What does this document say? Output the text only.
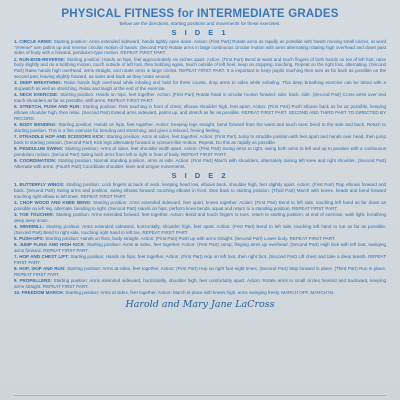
PHYSICAL FITNESS for INTERMEDIATE GRADES
Below are the directions, starting positions and movements for these exercises.
S I D E 1
1. CIRCLE ARMS: Starting position: Arms extended sideward, hands tightly open down. Action: (First Part) Rotate arms as rapidly as possible with hands moving small circles, at word "reverse" turn palms up and reverse circular motion of hands. (Second Part) Rotate arms in large continuous circular motion with arms alternating rotating high overhead and down past sides of body with a forward, pendulum-type motion. REPEAT FIRST PART.
2. RUN-BOB-REVERSE: Starting position: Hands on hips, feet approximately six inches apart. Action: (First Part) Bend at waist and touch fingers of both hands on toe of left foot, raise body slightly and do a bobbing motion, touch outside of left foot, then bobbing again, touch outside of left heel, keep on stopping, touching. Repeat on the right foot, alternating. (Second Part) Raise hands high overhead, arms straight, and rotate arms in large circles. REPEAT FIRST PART. It is important to keep pupils touching their toes as far back as possible on the second part, leaving slightly forward, as sides and back as they rotate around.
3. DEEP BREATHING: Raise hands high overhead while inhaling and hold for three counts, drop arms to sides while exhaling. This deep breathing exercise can be timed with a stopwatch as well as stretching. Relax and laugh at the end of the exercise.
4. NECK EXERCISE: Starting position: Hands on hips, feet together. Action: (First Part) Rotate head in circular motion forward, side, back, side. (Second Part) Cross arms over and touch shoulders as far as possible, shift arms. REPEAT FIRST PART.
5. STRETCH, PUSH AND RUN: Starting position: Fists touching in front of chest, elbows shoulder high, feet apart. Action: (First Part) Push elbows back as far as possible, keeping elbows shoulder high, then relax. (Second Part) Extend arms sideward, palms up, and stretch as far as possible. REPEAT FIRST PART. SECOND AND THIRD PART TO DIRECTED BY RECORD.
6. BODY BENDING: Starting position: Hands on hips, feet together. Action: Keeping legs straight, bend forward from the waist and touch toes; bend to the side and back. Return to starting position. This is a fine exercise for bending and stretching, and gives a relaxed, freeing feeling.
7. STRADDLE HOP AND SCISSORS KICK: Starting position: Arms at sides, feet together. Action: (First Part) Jump to straddle position with feet apart and hands over head, then jump back to starting position. (Second Part) Kick legs alternately forward in scissors-like motion. Repeat. Do this as rapidly as possible.
8. PENDULUM SWING: Starting position: Arms at sides, feet shoulder width apart. Action: (First Part) Swing arms to right, swing both arms to left and up to position with a continuous pendulum motion. (Second Part) Swing both arms from left to right in front of body. REPEAT FIRST PART.
9. COORDINATION: Starting position: Normal standing position, arms at side. Action: (First Part) March with shoulders, alternately raising left knee and right shoulder. (Second Part) Alternate with arms. (Fourth Part) Coordinate shoulder, knee and tongue movements.
S I D E 2
1. BUTTERFLY WINGS: Starting position: Lock fingers at back of neck, keeping head low, elbows back, shoulder high, feet slightly apart. Action: (First Part) Flap elbows forward and back. (Second Part) Swing arms and position, swing elbows forward, touching elbows in front, then back to starting position. (Third Part) March with knees, heads and bend forward touching right elbow to left knee. REPEAT FIRST PART.
2. CHOP WOOD AND KNEE BEND: Starting position: Arms extended sideward, feet apart, knees together. Action: (First Part) Bend to left side, touching left hand as far down as possible on left leg, alternate, bending to right. (Second Part) Hands on hips, perform knee bends, squat and return to a standing position. REPEAT FIRST PART.
3. TOE TOUCHER: Starting position: Arms extended forward, feet together. Action: Bend and touch fingers to toes, return to starting position; at end of exercise, walk light, breathing deep deep down.
4. WINDMILL: Starting position: Arms extended sideward, horizontally, shoulder high, feet apart. Action: (First Part) Bend to left side, touching left hand to toe as far as possible. (Second Part) Bend to right side, touching right hand to left toe. REPEAT FIRST PART.
5. PUSH-UPS: Starting position: Hands on floor, body straight. Action: (First Part) Push up with arms straight. (Second Part) Lower body. REPEAT FIRST PART.
6. JUMP FLING AND HIGH KICK: Starting position: Arms at sides, feet together. Action: (First Part) Jump, flinging arms up overhead. (Second Part) High kick with left foot, swinging arms forward. REPEAT FIRST PART.
7. HOP AND CHEST LIFT: Starting position: Hands on hips, feet together. Action: (First Part) Hop on left foot, then right foot. (Second Part) Lift chest and take a deep breath. REPEAT FIRST PART.
8. HOP, SKIP AND RUN: Starting position: Arms at sides, feet together. Action: (First Part) Hop on right foot eight times. (Second Part) Skip forward in place. (Third Part) Run in place. REPEAT FIRST PART.
9. PROPELLERS: Starting position: Arms extended sideward, horizontally, shoulder high, feet comfortably apart. Action: Rotate arms in small circles forward and backward, keeping arms straight. REPEAT FIRST PART.
10. FREEDOM MARCH: Starting position: Arms at sides, feet together. Action: March in place with knees high, arms swinging freely. MARCH OFF. MARCH IN.
Harold and Mary Jane LaCross
